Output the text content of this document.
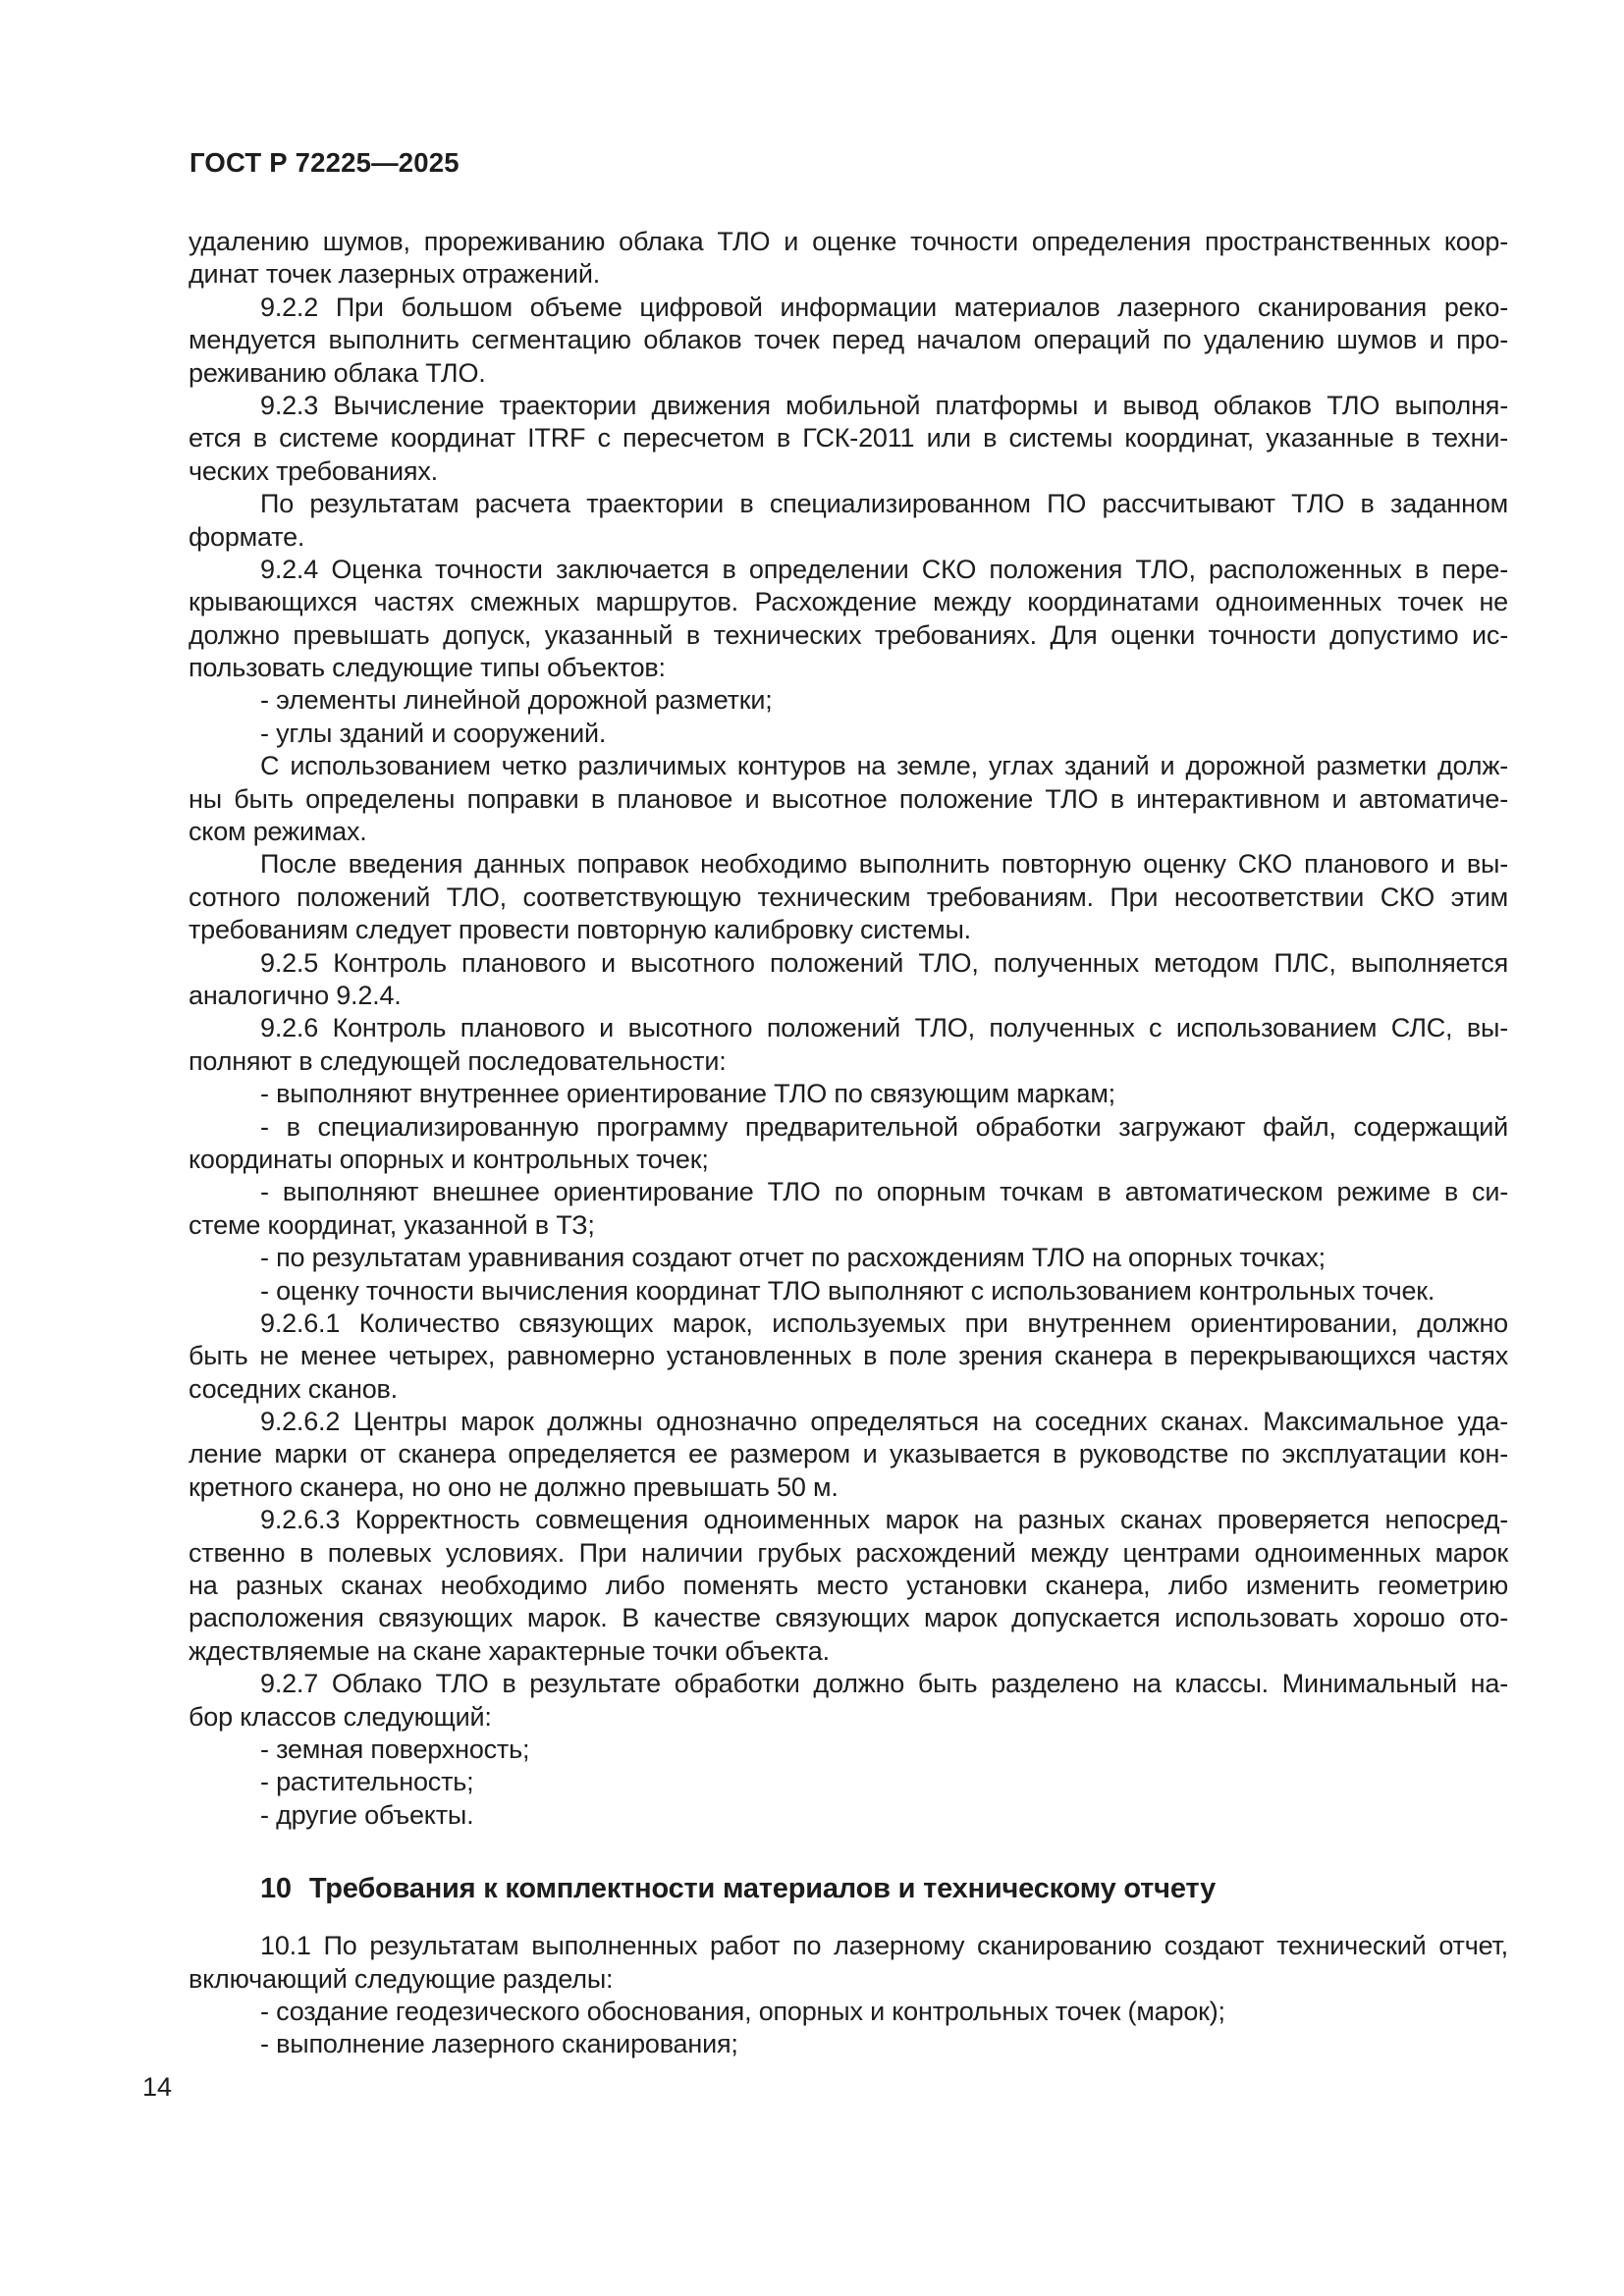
ГОСТ Р 72225—2025
удалению шумов, прореживанию облака ТЛО и оценке точности определения пространственных коор-
динат точек лазерных отражений.
9.2.2 При большом объеме цифровой информации материалов лазерного сканирования реко-
мендуется выполнить сегментацию облаков точек перед началом операций по удалению шумов и про-
реживанию облака ТЛО.
9.2.3 Вычисление траектории движения мобильной платформы и вывод облаков ТЛО выполня-
ется в системе координат ITRF с пересчетом в ГСК-2011 или в системы координат, указанные в техни-
ческих требованиях.
По результатам расчета траектории в специализированном ПО рассчитывают ТЛО в заданном
формате.
9.2.4 Оценка точности заключается в определении СКО положения ТЛО, расположенных в пере-
крывающихся частях смежных маршрутов. Расхождение между координатами одноименных точек не
должно превышать допуск, указанный в технических требованиях. Для оценки точности допустимо ис-
пользовать следующие типы объектов:
- элементы линейной дорожной разметки;
- углы зданий и сооружений.
С использованием четко различимых контуров на земле, углах зданий и дорожной разметки долж-
ны быть определены поправки в плановое и высотное положение ТЛО в интерактивном и автоматиче-
ском режимах.
После введения данных поправок необходимо выполнить повторную оценку СКО планового и вы-
сотного положений ТЛО, соответствующую техническим требованиям. При несоответствии СКО этим
требованиям следует провести повторную калибровку системы.
9.2.5 Контроль планового и высотного положений ТЛО, полученных методом ПЛС, выполняется
аналогично 9.2.4.
9.2.6 Контроль планового и высотного положений ТЛО, полученных с использованием СЛС, вы-
полняют в следующей последовательности:
- выполняют внутреннее ориентирование ТЛО по связующим маркам;
- в специализированную программу предварительной обработки загружают файл, содержащий
координаты опорных и контрольных точек;
- выполняют внешнее ориентирование ТЛО по опорным точкам в автоматическом режиме в си-
стеме координат, указанной в ТЗ;
- по результатам уравнивания создают отчет по расхождениям ТЛО на опорных точках;
- оценку точности вычисления координат ТЛО выполняют с использованием контрольных точек.
9.2.6.1 Количество связующих марок, используемых при внутреннем ориентировании, должно
быть не менее четырех, равномерно установленных в поле зрения сканера в перекрывающихся частях
соседних сканов.
9.2.6.2 Центры марок должны однозначно определяться на соседних сканах. Максимальное уда-
ление марки от сканера определяется ее размером и указывается в руководстве по эксплуатации кон-
кретного сканера, но оно не должно превышать 50 м.
9.2.6.3 Корректность совмещения одноименных марок на разных сканах проверяется непосред-
ственно в полевых условиях. При наличии грубых расхождений между центрами одноименных марок
на разных сканах необходимо либо поменять место установки сканера, либо изменить геометрию
расположения связующих марок. В качестве связующих марок допускается использовать хорошо ото-
ждествляемые на скане характерные точки объекта.
9.2.7 Облако ТЛО в результате обработки должно быть разделено на классы. Минимальный на-
бор классов следующий:
- земная поверхность;
- растительность;
- другие объекты.
10 Требования к комплектности материалов и техническому отчету
10.1 По результатам выполненных работ по лазерному сканированию создают технический отчет,
включающий следующие разделы:
- создание геодезического обоснования, опорных и контрольных точек (марок);
- выполнение лазерного сканирования;
14
